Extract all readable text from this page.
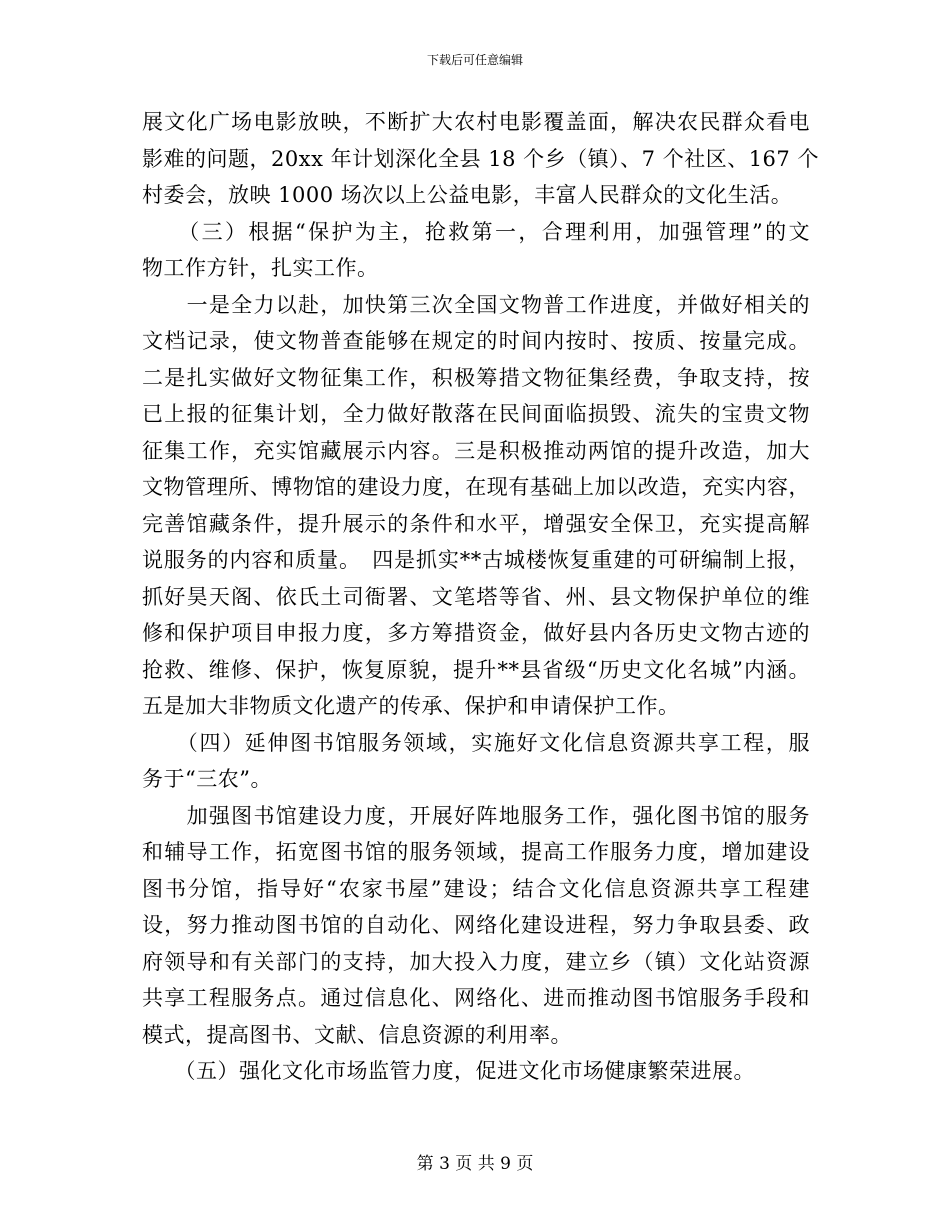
下载后可任意编辑
展文化广场电影放映，不断扩大农村电影覆盖面，解决农民群众看电
影难的问题，20xx 年计划深化全县 18 个乡（镇）、7 个社区、167 个
村委会，放映 1000 场次以上公益电影，丰富人民群众的文化生活。
　　（三）根据“保护为主，抢救第一，合理利用，加强管理”的文
物工作方针，扎实工作。
　　一是全力以赴，加快第三次全国文物普工作进度，并做好相关的
文档记录，使文物普查能够在规定的时间内按时、按质、按量完成。
二是扎实做好文物征集工作，积极筹措文物征集经费，争取支持，按
已上报的征集计划，全力做好散落在民间面临损毁、流失的宝贵文物
征集工作，充实馆藏展示内容。三是积极推动两馆的提升改造，加大
文物管理所、博物馆的建设力度，在现有基础上加以改造，充实内容，
完善馆藏条件，提升展示的条件和水平，增强安全保卫，充实提高解
说服务的内容和质量。　四是抓实**古城楼恢复重建的可研编制上报，
抓好昊天阁、依氏土司衙署、文笔塔等省、州、县文物保护单位的维
修和保护项目申报力度，多方筹措资金，做好县内各历史文物古迹的
抢救、维修、保护，恢复原貌，提升**县省级“历史文化名城”内涵。
五是加大非物质文化遗产的传承、保护和申请保护工作。
　　（四）延伸图书馆服务领域，实施好文化信息资源共享工程，服
务于“三农”。
　　加强图书馆建设力度，开展好阵地服务工作，强化图书馆的服务
和辅导工作，拓宽图书馆的服务领域，提高工作服务力度，增加建设
图书分馆，指导好“农家书屋”建设；结合文化信息资源共享工程建
设，努力推动图书馆的自动化、网络化建设进程，努力争取县委、政
府领导和有关部门的支持，加大投入力度，建立乡（镇）文化站资源
共享工程服务点。通过信息化、网络化、进而推动图书馆服务手段和
模式，提高图书、文献、信息资源的利用率。
　　（五）强化文化市场监管力度，促进文化市场健康繁荣进展。
第 3 页 共 9 页
